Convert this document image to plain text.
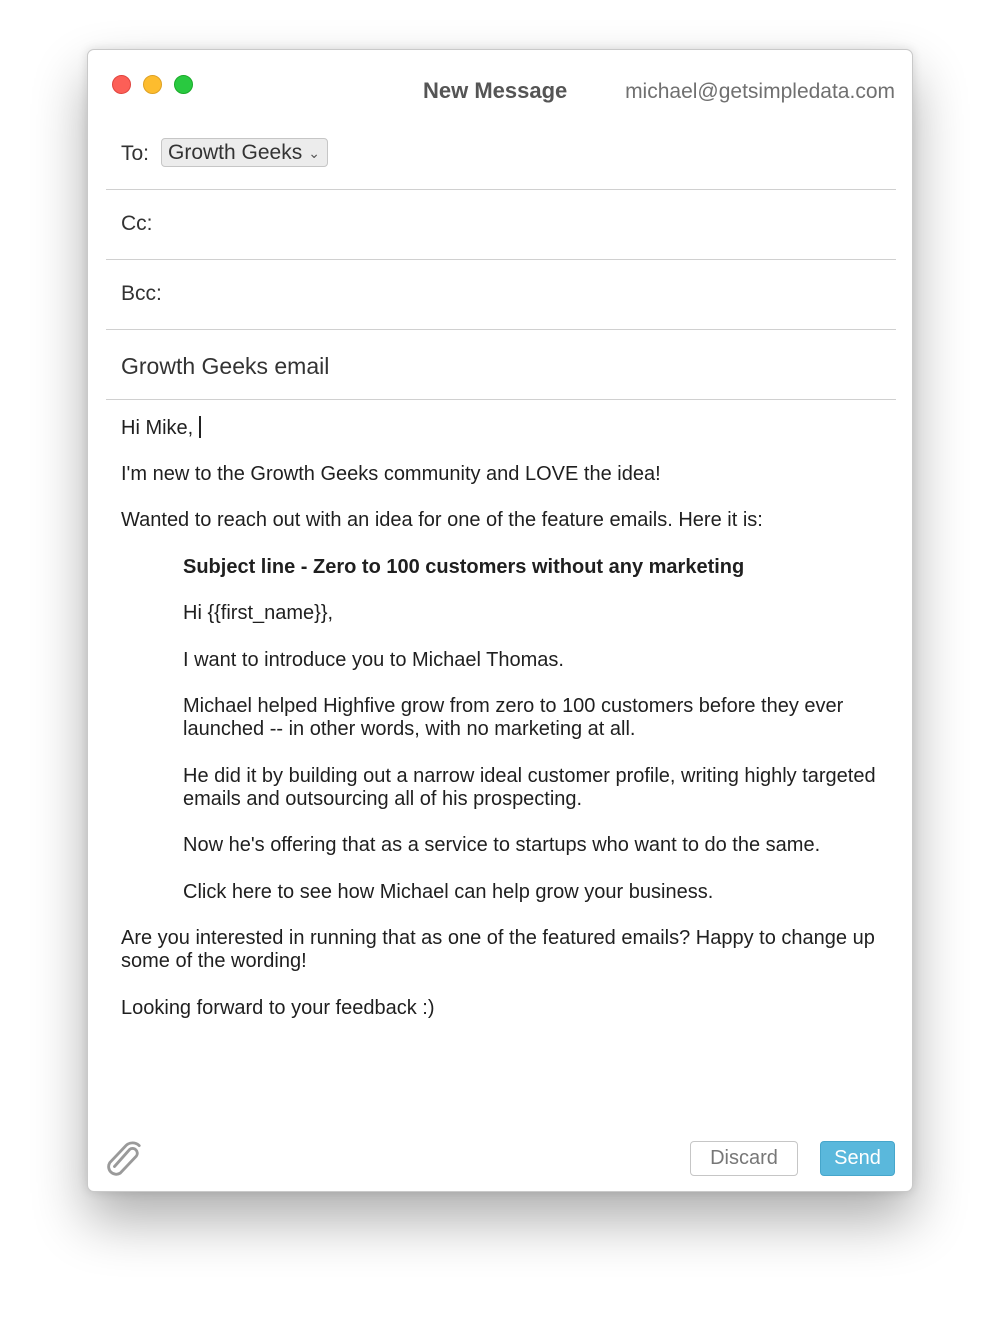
New Message	michael@getsimpledata.com
To: Growth Geeks ⌄
Cc:
Bcc:
Growth Geeks email

Hi Mike,

I'm new to the Growth Geeks community and LOVE the idea!

Wanted to reach out with an idea for one of the feature emails. Here it is:

Subject line - Zero to 100 customers without any marketing

Hi {{first_name}},

I want to introduce you to Michael Thomas.

Michael helped Highfive grow from zero to 100 customers before they ever launched -- in other words, with no marketing at all.

He did it by building out a narrow ideal customer profile, writing highly targeted emails and outsourcing all of his prospecting.

Now he's offering that as a service to startups who want to do the same.

Click here to see how Michael can help grow your business.

Are you interested in running that as one of the featured emails? Happy to change up some of the wording!

Looking forward to your feedback :)

Discard	Send
